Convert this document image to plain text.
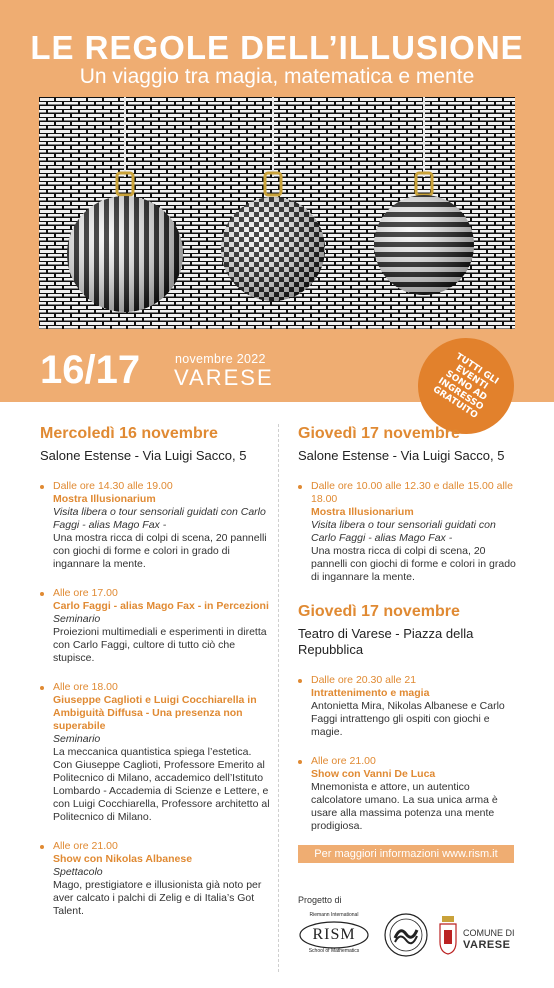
LE REGOLE DELL’ILLUSIONE
Un viaggio tra magia, matematica e mente
16/17	novembre 2022
VARESE	TUTTI GLI EVENTI SONO AD INGRESSO GRATUITO
Mercoledì 16 novembre

Salone Estense - Via Luigi Sacco, 5

Dalle ore 14.30 alle 19.00
Mostra Illusionarium
Visita libera o tour sensoriali guidati con Carlo Faggi - alias Mago Fax -
Una mostra ricca di colpi di scena, 20 pannelli con giochi di forme e colori in grado di ingannare la mente.
Alle ore 17.00
Carlo Faggi - alias Mago Fax - in Percezioni
Seminario
Proiezioni multimediali e esperimenti in diretta con Carlo Faggi, cultore di tutto ciò che stupisce.
Alle ore 18.00
Giuseppe Caglioti e Luigi Cocchiarella in Ambiguità Diffusa - Una presenza non superabile
Seminario
La meccanica quantistica spiega l’estetica. Con Giuseppe Caglioti, Professore Emerito al Politecnico di Milano, accademico dell’Istituto Lombardo - Accademia di Scienze e Lettere, e con Luigi Cocchiarella, Professore architetto al Politecnico di Milano.
Alle ore 21.00
Show con Nikolas Albanese
Spettacolo
Mago, prestigiatore e illusionista già noto per aver calcato i palchi di Zelig e di Italia’s Got Talent.
Giovedì 17 novembre

Salone Estense - Via Luigi Sacco, 5

Dalle ore 10.00 alle 12.30 e dalle 15.00 alle 18.00
Mostra Illusionarium
Visita libera o tour sensoriali guidati con Carlo Faggi - alias Mago Fax -
Una mostra ricca di colpi di scena, 20 pannelli con giochi di forme e colori in grado di ingannare la mente.
Giovedì 17 novembre

Teatro di Varese - Piazza della Repubblica

Dalle ore 20.30 alle 21
Intrattenimento e magia
Antonietta Mira, Nikolas Albanese e Carlo Faggi intrattengo gli ospiti con giochi e magie.
Alle ore 21.00
Show con Vanni De Luca
Mnemonista e attore, un autentico calcolatore umano. La sua unica arma è usare alla massima potenza una mente prodigiosa.
Per maggiori informazioni www.rism.it
Progetto di
Riemann International
RISM
School of Mathematics
COMUNE DI
VARESE
